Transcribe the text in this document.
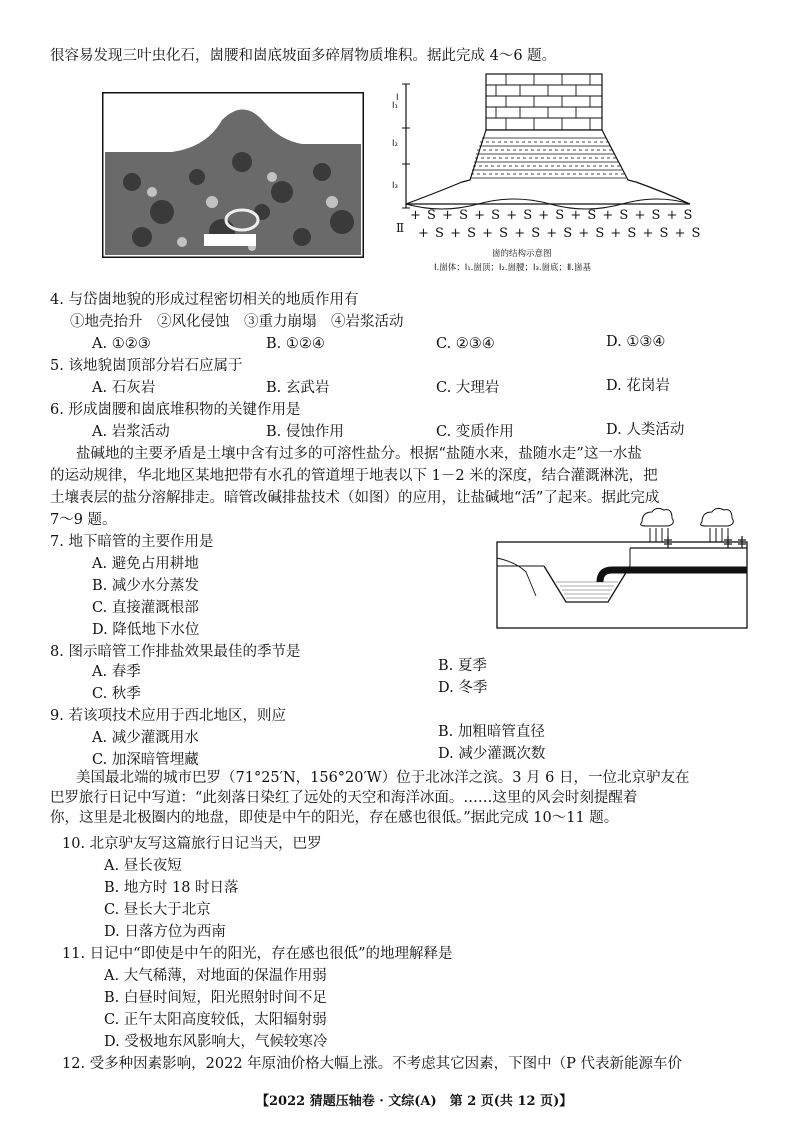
很容易发现三叶虫化石，崮腰和崮底坡面多碎屑物质堆积。据此完成 4～6 题。
Ⅰ
Ⅰ₁
Ⅰ₂
Ⅰ₃
Ⅱ
+ S + S + S + S + S + S + S + S + S
+ S + S + S + S + S + S + S + S + S
崮的结构示意图
Ⅰ.崮体；Ⅰ₁.崮顶；Ⅰ₂.崮腰；Ⅰ₃.崮底；Ⅱ.崮基
4. 与岱崮地貌的形成过程密切相关的地质作用有
①地壳抬升　②风化侵蚀　③重力崩塌　④岩浆活动
A. ①②③	B. ①②④	C. ②③④	D. ①③④
5. 该地貌崮顶部分岩石应属于
A. 石灰岩	B. 玄武岩	C. 大理岩	D. 花岗岩
6. 形成崮腰和崮底堆积物的关键作用是
A. 岩浆活动	B. 侵蚀作用	C. 变质作用	D. 人类活动
盐碱地的主要矛盾是土壤中含有过多的可溶性盐分。根据“盐随水来，盐随水走”这一水盐
的运动规律，华北地区某地把带有水孔的管道埋于地表以下 1－2 米的深度，结合灌溉淋洗，把
土壤表层的盐分溶解排走。暗管改碱排盐技术（如图）的应用，让盐碱地“活”了起来。据此完成
7～9 题。
7. 地下暗管的主要作用是
A. 避免占用耕地
B. 减少水分蒸发
C. 直接灌溉根部
D. 降低地下水位
8. 图示暗管工作排盐效果最佳的季节是
A. 春季	B. 夏季
C. 秋季	D. 冬季
9. 若该项技术应用于西北地区，则应
A. 减少灌溉用水	B. 加粗暗管直径
C. 加深暗管埋藏	D. 减少灌溉次数
美国最北端的城市巴罗（71°25′N，156°20′W）位于北冰洋之滨。3 月 6 日，一位北京驴友在
巴罗旅行日记中写道：“此刻落日染红了远处的天空和海洋冰面。……这里的风会时刻提醒着
你，这里是北极圈内的地盘，即使是中午的阳光，存在感也很低。”据此完成 10～11 题。
10. 北京驴友写这篇旅行日记当天，巴罗
A. 昼长夜短
B. 地方时 18 时日落
C. 昼长大于北京
D. 日落方位为西南
11. 日记中“即使是中午的阳光，存在感也很低”的地理解释是
A. 大气稀薄，对地面的保温作用弱
B. 白昼时间短，阳光照射时间不足
C. 正午太阳高度较低，太阳辐射弱
D. 受极地东风影响大，气候较寒冷
12. 受多种因素影响，2022 年原油价格大幅上涨。不考虑其它因素，下图中（P 代表新能源车价
【2022 猜题压轴卷 · 文综(A)　第 2 页(共 12 页)】
